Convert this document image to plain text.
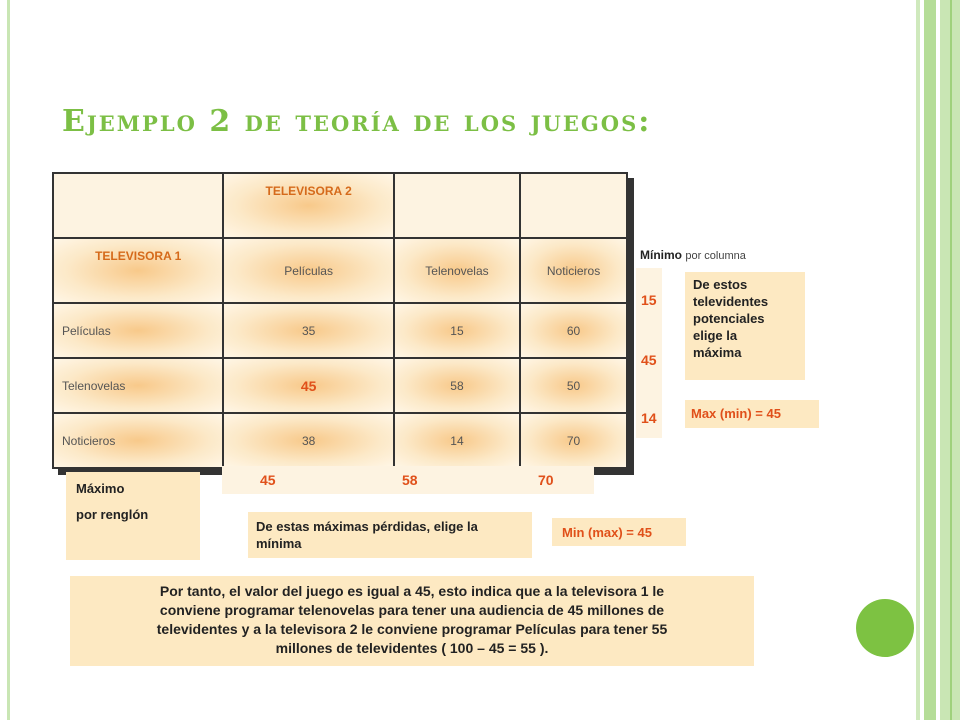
Ejemplo 2 de teoría de los juegos:
	TELEVISORA 2		
TELEVISORA 1	Películas	Telenovelas	Noticieros
Películas	35	15	60
Telenovelas	45	58	50
Noticieros	38	14	70
Mínimo por columna
15
45
14
De estos
televidentes
potenciales
elige la
máxima
Max (min) = 45
Máximo
por renglón
45	58	70
De estas máximas pérdidas, elige la
mínima
Min (max) = 45
Por tanto, el valor del juego es igual a 45, esto indica que a la televisora 1 le
conviene programar telenovelas para tener una audiencia de 45 millones de
televidentes y a la televisora 2 le conviene programar Películas para tener 55
millones de televidentes ( 100 – 45 = 55 ).
